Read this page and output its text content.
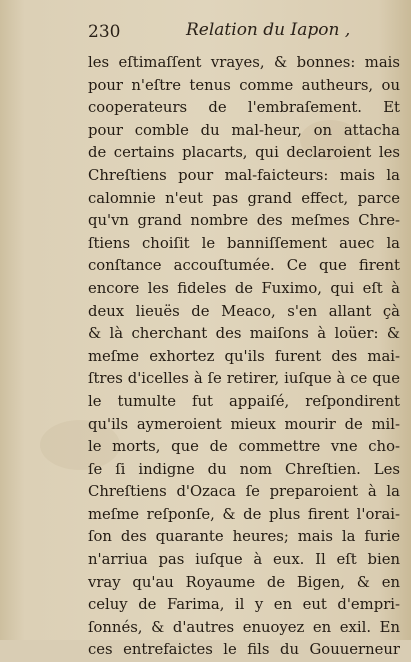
230	Relation du Iapon ,
les eſtimaſſent vrayes, & bonnes: mais
pour n'eſtre tenus comme autheurs, ou
cooperateurs de l'embraſement. Et
pour comble du mal-heur, on attacha
de certains placarts, qui declaroient les
Chreſtiens pour mal-faicteurs: mais la
calomnie n'eut pas grand effect, parce
qu'vn grand nombre des meſmes Chre-
ſtiens choiſit le banniſſement auec la
conſtance accouſtumée. Ce que firent
encore les fideles de Fuximo, qui eſt à
deux lieuës de Meaco, s'en allant çà
& là cherchant des maiſons à loüer: &
meſme exhortez qu'ils furent des mai-
ſtres d'icelles à ſe retirer, iuſque à ce que
le tumulte fut appaiſé, reſpondirent
qu'ils aymeroient mieux mourir de mil-
le morts, que de commettre vne cho-
ſe ſi indigne du nom Chreſtien. Les
Chreſtiens d'Ozaca ſe preparoient à la
meſme reſponſe, & de plus firent l'orai-
ſon des quarante heures; mais la furie
n'arriua pas iuſque à eux. Il eſt bien
vray qu'au Royaume de Bigen, & en
celuy de Farima, il y en eut d'empri-
ſonnés, & d'autres enuoyez en exil. En
ces entrefaictes le fils du Gouuerneur
